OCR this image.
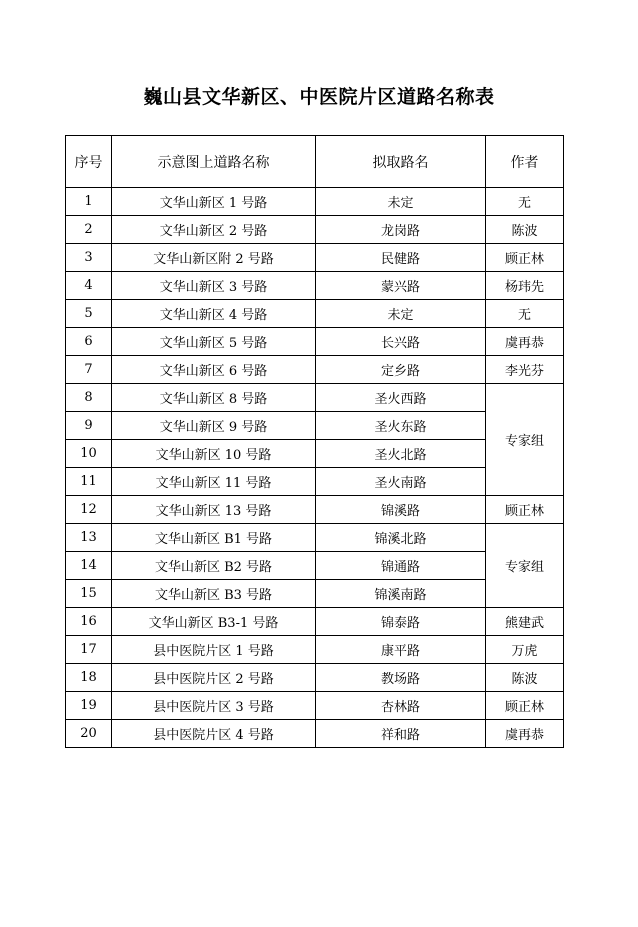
巍山县文华新区、中医院片区道路名称表
序号	示意图上道路名称	拟取路名	作者
1	文华山新区 1 号路	未定	无
2	文华山新区 2 号路	龙岗路	陈波
3	文华山新区附 2 号路	民健路	顾正林
4	文华山新区 3 号路	蒙兴路	杨玮先
5	文华山新区 4 号路	未定	无
6	文华山新区 5 号路	长兴路	虞再恭
7	文华山新区 6 号路	定乡路	李光芬
8	文华山新区 8 号路	圣火西路	专家组
9	文华山新区 9 号路	圣火东路	
10	文华山新区 10 号路	圣火北路	
11	文华山新区 11 号路	圣火南路	
12	文华山新区 13 号路	锦溪路	顾正林
13	文华山新区 B1 号路	锦溪北路	专家组
14	文华山新区 B2 号路	锦通路	
15	文华山新区 B3 号路	锦溪南路	
16	文华山新区 B3-1 号路	锦泰路	熊建武
17	县中医院片区 1 号路	康平路	万虎
18	县中医院片区 2 号路	教场路	陈波
19	县中医院片区 3 号路	杏林路	顾正林
20	县中医院片区 4 号路	祥和路	虞再恭
